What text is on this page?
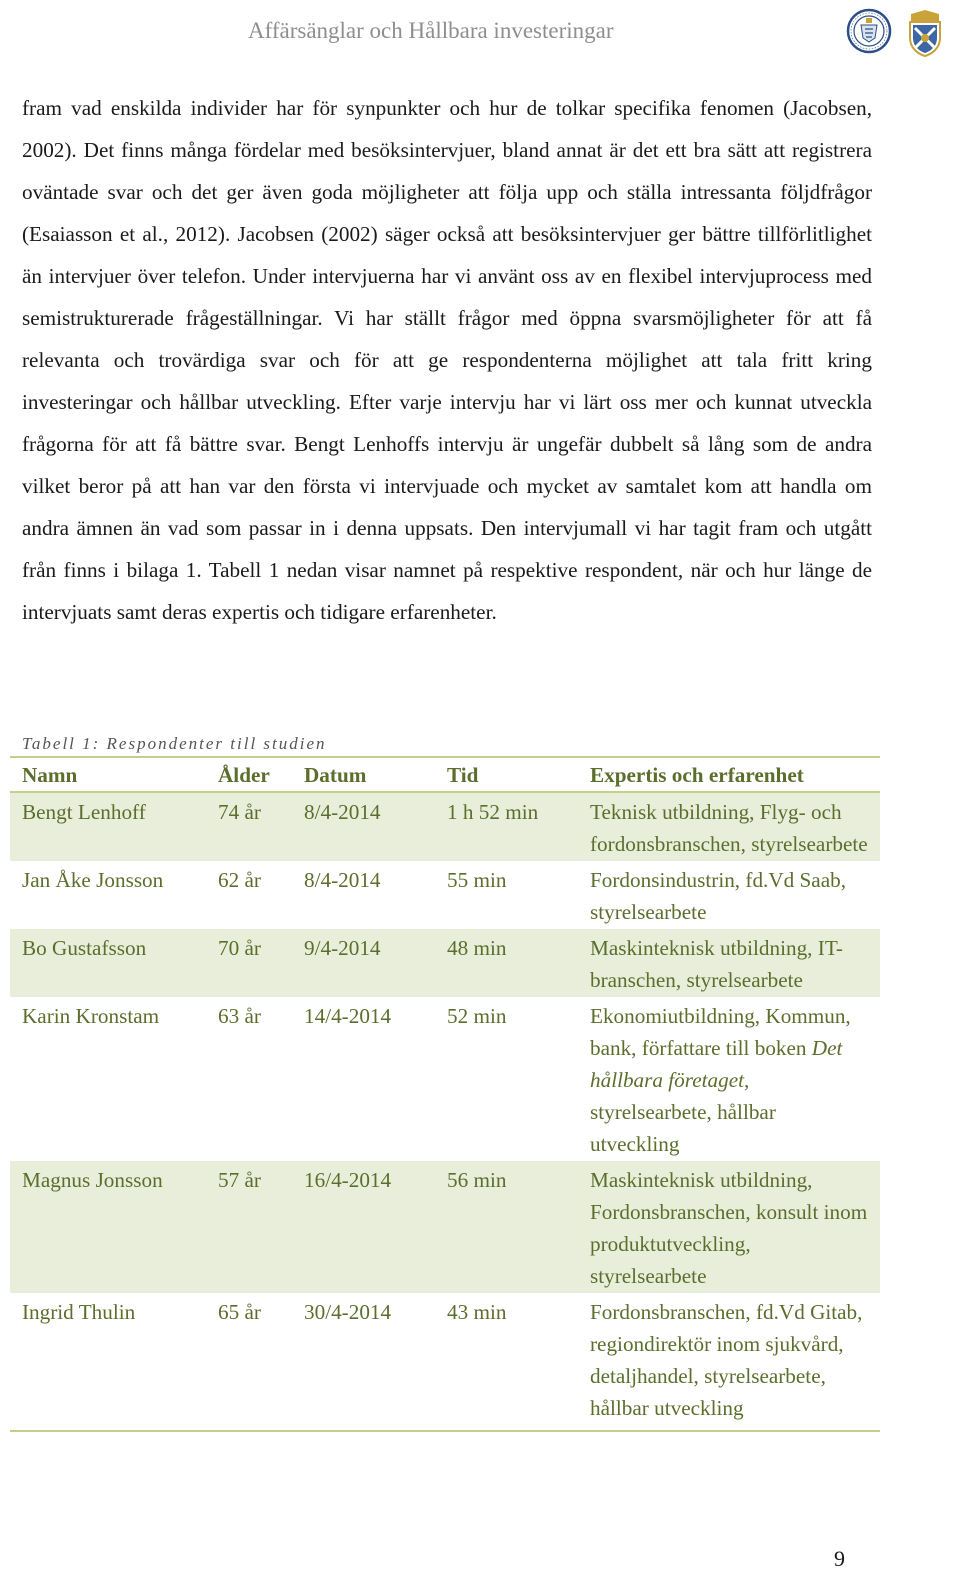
Affärsänglar och Hållbara investeringar

fram vad enskilda individer har för synpunkter och hur de tolkar specifika fenomen (Jacobsen, 2002). Det finns många fördelar med besöksintervjuer, bland annat är det ett bra sätt att registrera oväntade svar och det ger även goda möjligheter att följa upp och ställa intressanta följdfrågor (Esaiasson et al., 2012). Jacobsen (2002) säger också att besöksintervjuer ger bättre tillförlitlighet än intervjuer över telefon. Under intervjuerna har vi använt oss av en flexibel intervjuprocess med semistrukturerade frågeställningar. Vi har ställt frågor med öppna svarsmöjligheter för att få relevanta och trovärdiga svar och för att ge respondenterna möjlighet att tala fritt kring investeringar och hållbar utveckling. Efter varje intervju har vi lärt oss mer och kunnat utveckla frågorna för att få bättre svar. Bengt Lenhoffs intervju är ungefär dubbelt så lång som de andra vilket beror på att han var den första vi intervjuade och mycket av samtalet kom att handla om andra ämnen än vad som passar in i denna uppsats. Den intervjumall vi har tagit fram och utgått från finns i bilaga 1. Tabell 1 nedan visar namnet på respektive respondent, när och hur länge de intervjuats samt deras expertis och tidigare erfarenheter.

Tabell 1: Respondenter till studien

Namn	Ålder	Datum	Tid	Expertis och erfarenhet
Bengt Lenhoff	74 år	8/4-2014	1 h 52 min	Teknisk utbildning, Flyg- och fordonsbranschen, styrelsearbete
Jan Åke Jonsson	62 år	8/4-2014	55 min	Fordonsindustrin, fd.Vd Saab, styrelsearbete
Bo Gustafsson	70 år	9/4-2014	48 min	Maskinteknisk utbildning, IT-branschen, styrelsearbete
Karin Kronstam	63 år	14/4-2014	52 min	Ekonomiutbildning, Kommun, bank, författare till boken Det hållbara företaget, styrelsearbete, hållbar utveckling
Magnus Jonsson	57 år	16/4-2014	56 min	Maskinteknisk utbildning, Fordonsbranschen, konsult inom produktutveckling, styrelsearbete
Ingrid Thulin	65 år	30/4-2014	43 min	Fordonsbranschen, fd.Vd Gitab, regiondirektör inom sjukvård, detaljhandel, styrelsearbete, hållbar utveckling
9
